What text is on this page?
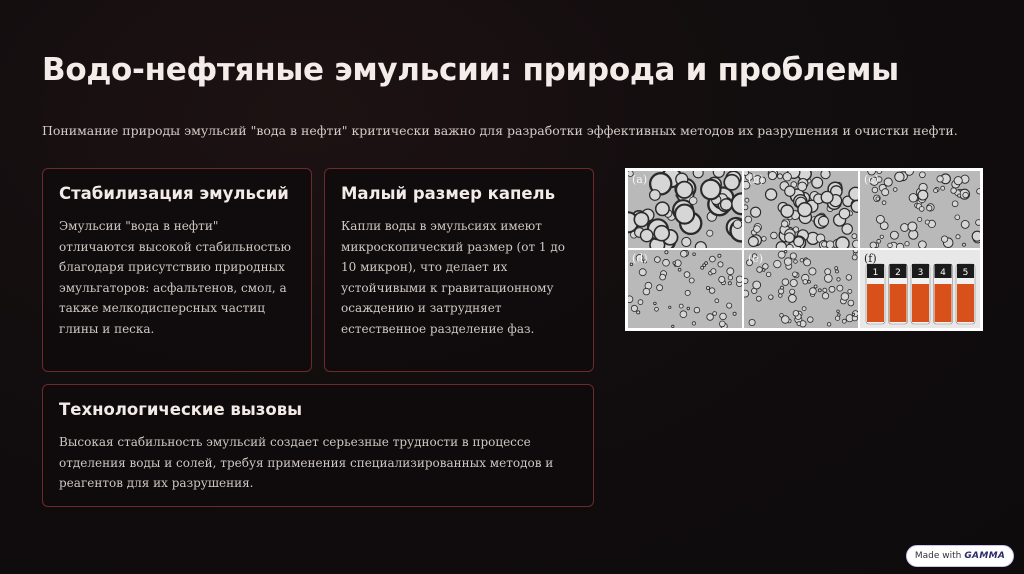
Водо-нефтяные эмульсии: природа и проблемы

Понимание природы эмульсий "вода в нефти" критически важно для разработки эффективных методов их разрушения и очистки нефти.

Стабилизация эмульсий

Эмульсии "вода в нефти" отличаются высокой стабильностью благодаря присутствию природных эмульгаторов: асфальтенов, смол, а также мелкодисперсных частиц глины и песка.

Малый размер капель

Капли воды в эмульсиях имеют микроскопический размер (от 1 до 10 микрон), что делает их устойчивыми к гравитационному осаждению и затрудняет естественное разделение фаз.

Технологические вызовы

Высокая стабильность эмульсий создает серьезные трудности в процессе отделения воды и солей, требуя применения специализированных методов и реагентов для их разрушения.

(a)	(b)	(c)
(d)	(e)
1 2 3 4 5
(f)
Made with GAMMA
